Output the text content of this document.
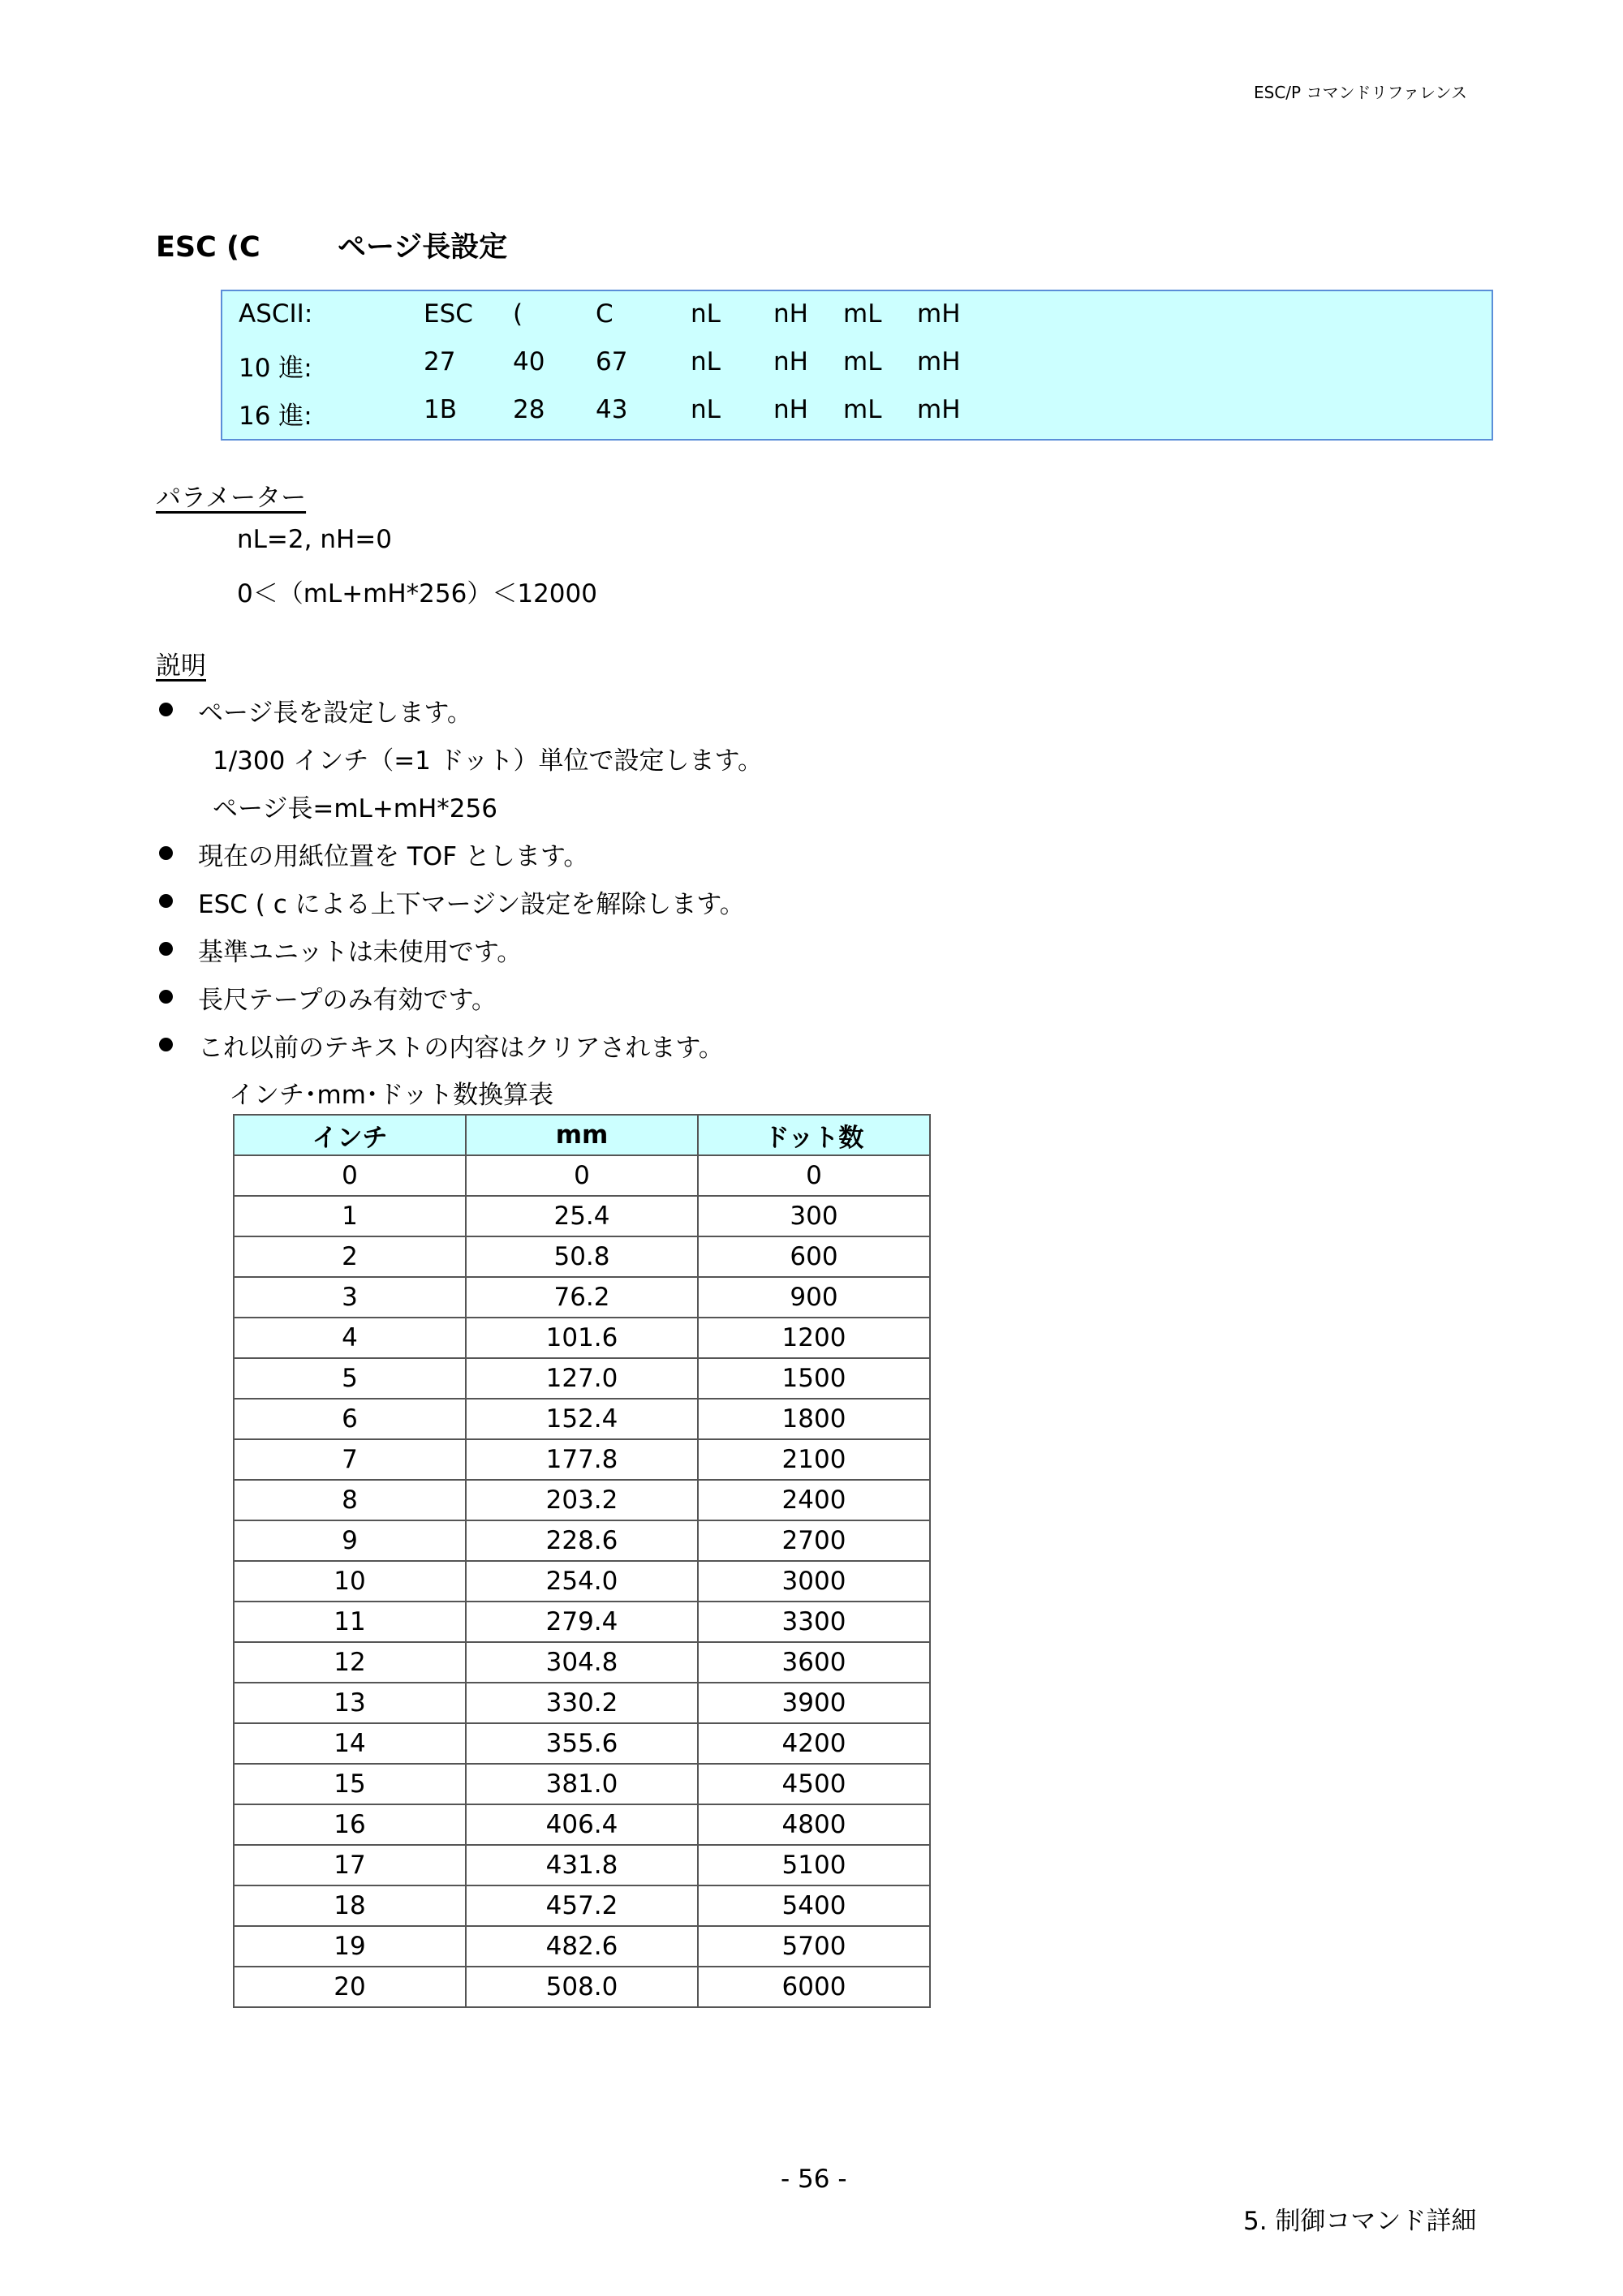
ESC/P コマンドリファレンス
ESC (C	ページ長設定
ASCII:	ESC (	C	nL nH mL mH
10 進:	27 40 67	nL nH mL mH
16 進:	1B 28 43	nL nH mL mH
パラメーター
nL=2, nH=0
0＜（mL+mH*256）＜12000
説明
ページ長を設定します。
1/300 インチ（=1 ドット）単位で設定します。
ページ長=mL+mH*256
現在の用紙位置を TOF とします。
ESC ( c による上下マージン設定を解除します。
基準ユニットは未使用です。
長尺テープのみ有効です。
これ以前のテキストの内容はクリアされます。
インチ･mm･ドット数換算表
インチ	mm	ドット数
0	0	0
1	25.4	300
2	50.8	600
3	76.2	900
4	101.6	1200
5	127.0	1500
6	152.4	1800
7	177.8	2100
8	203.2	2400
9	228.6	2700
10	254.0	3000
11	279.4	3300
12	304.8	3600
13	330.2	3900
14	355.6	4200
15	381.0	4500
16	406.4	4800
17	431.8	5100
18	457.2	5400
19	482.6	5700
20	508.0	6000
- 56 -
5. 制御コマンド詳細
